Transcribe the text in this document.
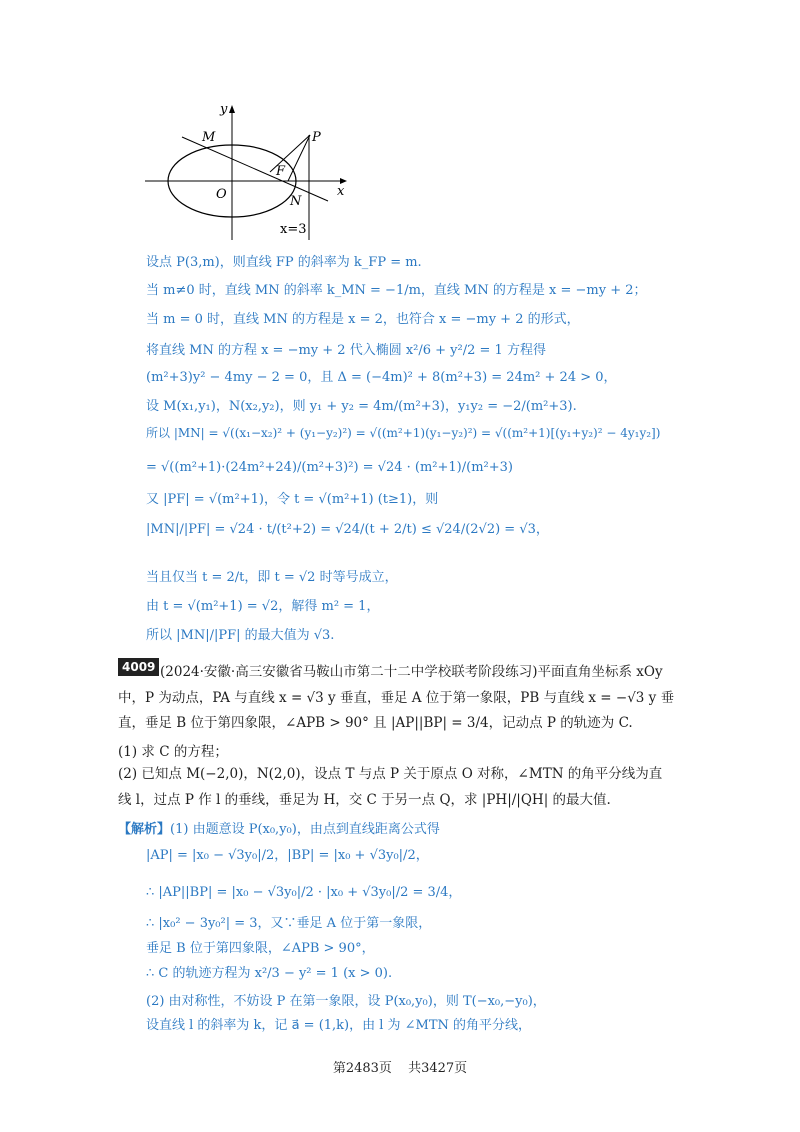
y
x
O
M
N
F
P
x=3
设点 P(3,m)，则直线 FP 的斜率为 k_FP = m.
当 m≠0 时，直线 MN 的斜率 k_MN = −1/m，直线 MN 的方程是 x = −my + 2；
当 m = 0 时，直线 MN 的方程是 x = 2，也符合 x = −my + 2 的形式，
将直线 MN 的方程 x = −my + 2 代入椭圆 x²/6 + y²/2 = 1 方程得
(m²+3)y² − 4my − 2 = 0，且 Δ = (−4m)² + 8(m²+3) = 24m² + 24 > 0，
设 M(x₁,y₁)，N(x₂,y₂)，则 y₁ + y₂ = 4m/(m²+3)，y₁y₂ = −2/(m²+3).
所以 |MN| = √((x₁−x₂)² + (y₁−y₂)²) = √((m²+1)(y₁−y₂)²) = √((m²+1)[(y₁+y₂)² − 4y₁y₂])
= √((m²+1)·(24m²+24)/(m²+3)²) = √24 · (m²+1)/(m²+3)
又 |PF| = √(m²+1)，令 t = √(m²+1) (t≥1)，则
|MN|/|PF| = √24 · t/(t²+2) = √24/(t + 2/t) ≤ √24/(2√2) = √3，
当且仅当 t = 2/t，即 t = √2 时等号成立，
由 t = √(m²+1) = √2，解得 m² = 1，
所以 |MN|/|PF| 的最大值为 √3.
4009 (2024·安徽·高三安徽省马鞍山市第二十二中学校联考阶段练习)平面直角坐标系 xOy
中，P 为动点，PA 与直线 x = √3 y 垂直，垂足 A 位于第一象限，PB 与直线 x = −√3 y 垂
直，垂足 B 位于第四象限，∠APB > 90° 且 |AP||BP| = 3/4，记动点 P 的轨迹为 C.
(1) 求 C 的方程；
(2) 已知点 M(−2,0)，N(2,0)，设点 T 与点 P 关于原点 O 对称，∠MTN 的角平分线为直
线 l，过点 P 作 l 的垂线，垂足为 H，交 C 于另一点 Q，求 |PH|/|QH| 的最大值.
【解析】(1) 由题意设 P(x₀,y₀)，由点到直线距离公式得
|AP| = |x₀ − √3y₀|/2，|BP| = |x₀ + √3y₀|/2，
∴ |AP||BP| = |x₀ − √3y₀|/2 · |x₀ + √3y₀|/2 = 3/4，
∴ |x₀² − 3y₀²| = 3，又∵垂足 A 位于第一象限，
垂足 B 位于第四象限，∠APB > 90°，
∴ C 的轨迹方程为 x²/3 − y² = 1 (x > 0).
(2) 由对称性，不妨设 P 在第一象限，设 P(x₀,y₀)，则 T(−x₀,−y₀)，
设直线 l 的斜率为 k，记 a⃗ = (1,k)，由 l 为 ∠MTN 的角平分线，
第2483页 共3427页
